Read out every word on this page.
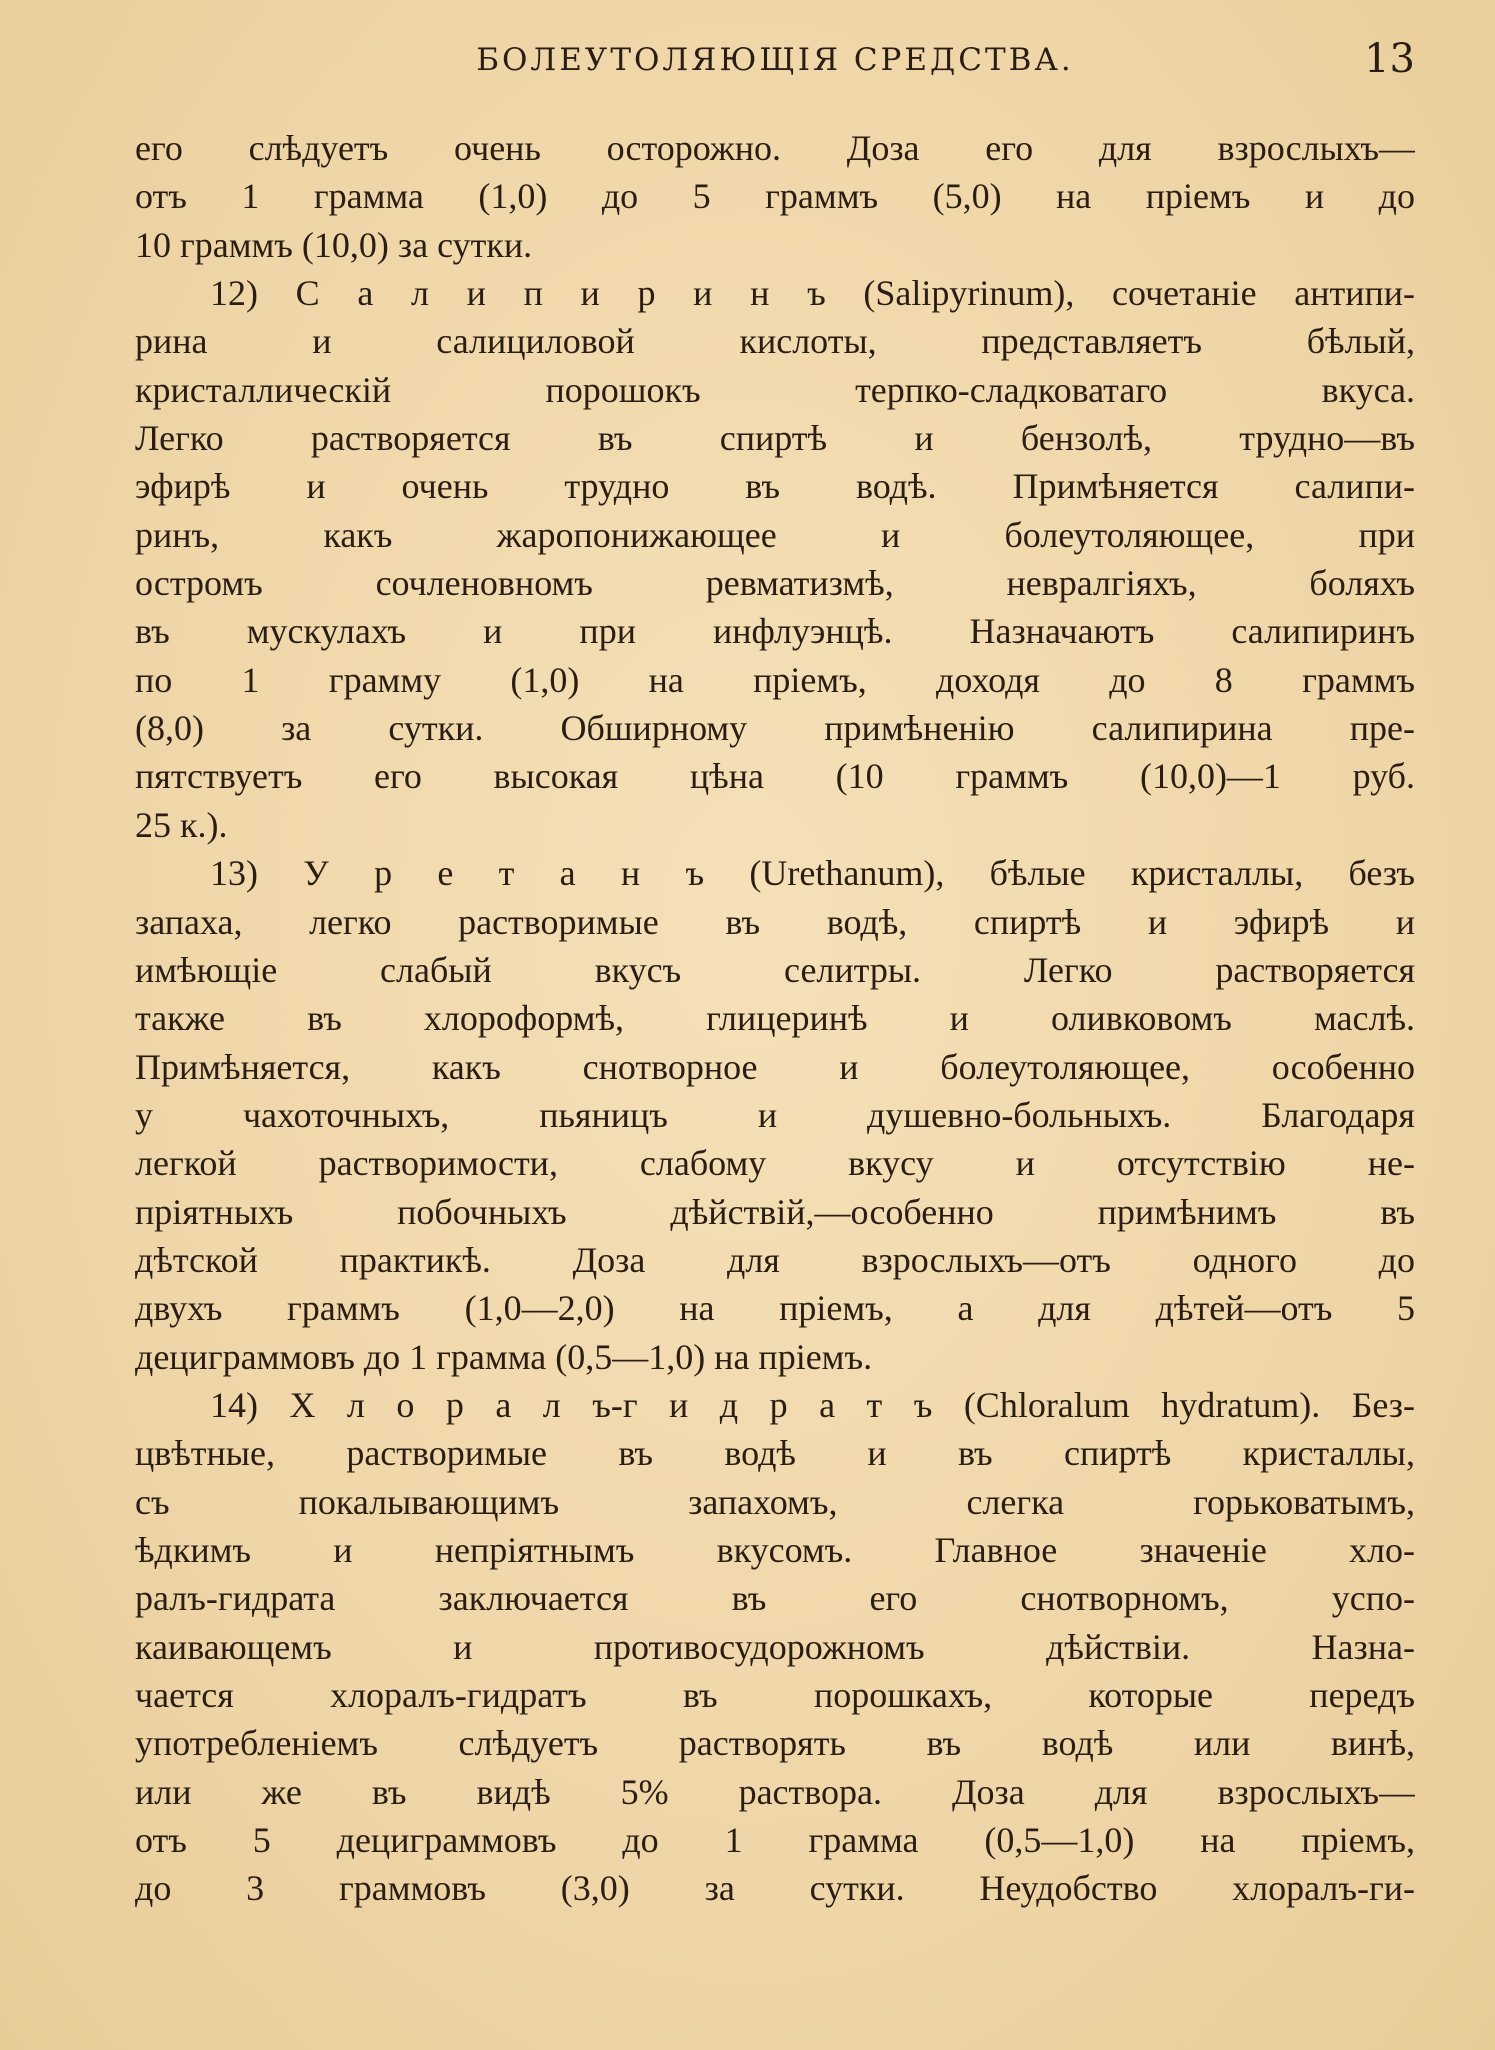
БОЛЕУТОЛЯЮЩІЯ СРЕДСТВА.	13
его слѣдуетъ очень осторожно. Доза его для взрослыхъ—
отъ 1 грамма (1,0) до 5 граммъ (5,0) на пріемъ и до
10 граммъ (10,0) за сутки.
12) С а л и п и р и н ъ (Salipyrinum), сочетаніе антипи-
рина и салициловой кислоты, представляетъ бѣлый,
кристаллическій порошокъ терпко-сладковатаго вкуса.
Легко растворяется въ спиртѣ и бензолѣ, трудно—въ
эфирѣ и очень трудно въ водѣ. Примѣняется салипи-
ринъ, какъ жаропонижающее и болеутоляющее, при
остромъ сочленовномъ ревматизмѣ, невралгіяхъ, боляхъ
въ мускулахъ и при инфлуэнцѣ. Назначаютъ салипиринъ
по 1 грамму (1,0) на пріемъ, доходя до 8 граммъ
(8,0) за сутки. Обширному примѣненію салипирина пре-
пятствуетъ его высокая цѣна (10 граммъ (10,0)—1 руб.
25 к.).
13) У р е т а н ъ (Urethanum), бѣлые кристаллы, безъ
запаха, легко растворимые въ водѣ, спиртѣ и эфирѣ и
имѣющіе слабый вкусъ селитры. Легко растворяется
также въ хлороформѣ, глицеринѣ и оливковомъ маслѣ.
Примѣняется, какъ снотворное и болеутоляющее, особенно
у чахоточныхъ, пьяницъ и душевно-больныхъ. Благодаря
легкой растворимости, слабому вкусу и отсутствію не-
пріятныхъ побочныхъ дѣйствій,—особенно примѣнимъ въ
дѣтской практикѣ. Доза для взрослыхъ—отъ одного до
двухъ граммъ (1,0—2,0) на пріемъ, а для дѣтей—отъ 5
дециграммовъ до 1 грамма (0,5—1,0) на пріемъ.
14) Х л о р а л ъ-г и д р а т ъ (Chloralum hydratum). Без-
цвѣтные, растворимые въ водѣ и въ спиртѣ кристаллы,
съ покалывающимъ запахомъ, слегка горьковатымъ,
ѣдкимъ и непріятнымъ вкусомъ. Главное значеніе хло-
ралъ-гидрата заключается въ его снотворномъ, успо-
каивающемъ и противосудорожномъ дѣйствіи. Назна-
чается хлоралъ-гидратъ въ порошкахъ, которые передъ
употребленіемъ слѣдуетъ растворять въ водѣ или винѣ,
или же въ видѣ 5% раствора. Доза для взрослыхъ—
отъ 5 дециграммовъ до 1 грамма (0,5—1,0) на пріемъ,
до 3 граммовъ (3,0) за сутки. Неудобство хлоралъ-ги-
